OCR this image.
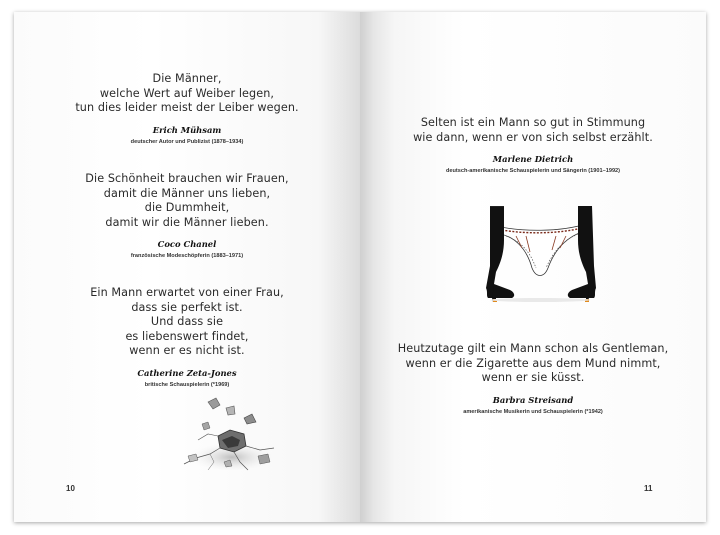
Die Männer,
welche Wert auf Weiber legen,
tun dies leider meist der Leiber wegen.
Erich Mühsam
deutscher Autor und Publizist (1878–1934)
Die Schönheit brauchen wir Frauen,
damit die Männer uns lieben,
die Dummheit,
damit wir die Männer lieben.
Coco Chanel
französische Modeschöpferin (1883–1971)
Ein Mann erwartet von einer Frau,
dass sie perfekt ist.
Und dass sie
es liebenswert findet,
wenn er es nicht ist.
Catherine Zeta-Jones
britische Schauspielerin (*1969)
10
Selten ist ein Mann so gut in Stimmung
wie dann, wenn er von sich selbst erzählt.
Marlene Dietrich
deutsch-amerikanische Schauspielerin und Sängerin (1901–1992)
Heutzutage gilt ein Mann schon als Gentleman,
wenn er die Zigarette aus dem Mund nimmt,
wenn er sie küsst.
Barbra Streisand
amerikanische Musikerin und Schauspielerin (*1942)
11
